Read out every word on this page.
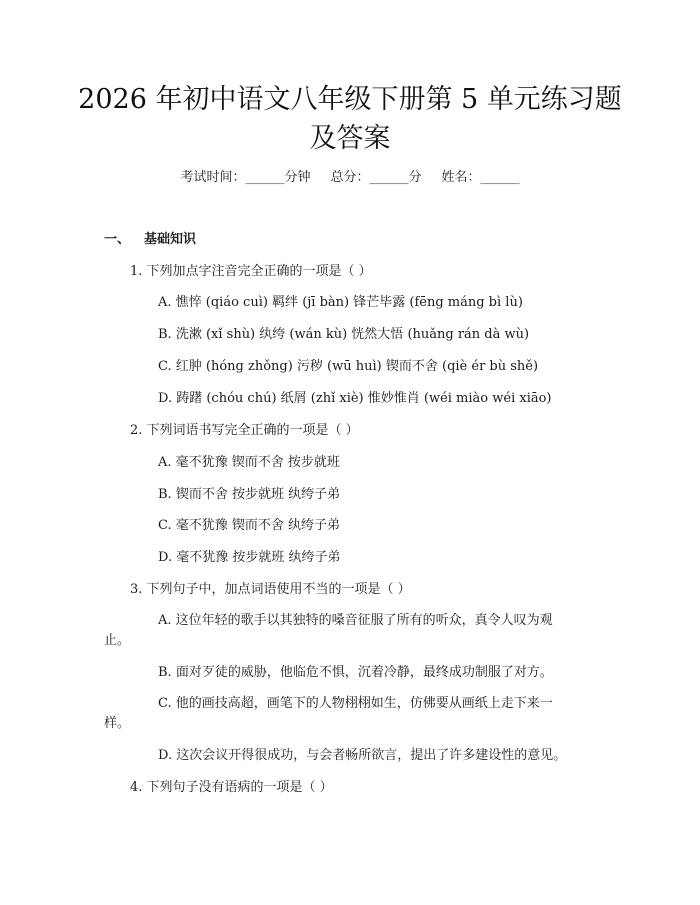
2026 年初中语文八年级下册第 5 单元练习题
及答案
考试时间：______分钟 总分：______分 姓名：______
一、 基础知识
1. 下列加点字注音完全正确的一项是（ ）
A. 憔悴 (qiáo cuì) 羁绊 (jī bàn) 锋芒毕露 (fēng máng bì lù)
B. 洗漱 (xǐ shù) 纨绔 (wán kù) 恍然大悟 (huǎng rán dà wù)
C. 红肿 (hóng zhǒng) 污秽 (wū huì) 锲而不舍 (qiè ér bù shě)
D. 踌躇 (chóu chú) 纸屑 (zhǐ xiè) 惟妙惟肖 (wéi miào wéi xiāo)
2. 下列词语书写完全正确的一项是（ ）
A. 毫不犹豫 锲而不舍 按步就班
B. 锲而不舍 按步就班 纨绔子弟
C. 毫不犹豫 锲而不舍 纨绔子弟
D. 毫不犹豫 按步就班 纨绔子弟
3. 下列句子中，加点词语使用不当的一项是（ ）
A. 这位年轻的歌手以其独特的嗓音征服了所有的听众，真令人叹为观止。
B. 面对歹徒的威胁，他临危不惧，沉着冷静，最终成功制服了对方。
C. 他的画技高超，画笔下的人物栩栩如生，仿佛要从画纸上走下来一样。
D. 这次会议开得很成功，与会者畅所欲言，提出了许多建设性的意见。
4. 下列句子没有语病的一项是（ ）
